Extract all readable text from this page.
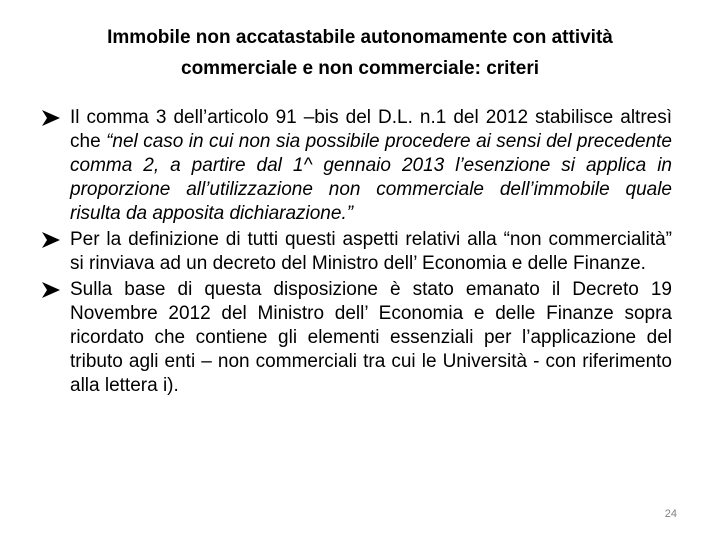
Immobile non accatastabile autonomamente con attività
commerciale e non commerciale: criteri
Il comma 3 dell’articolo 91 –bis del D.L. n.1 del 2012 stabilisce altresì che “nel caso in cui non sia possibile procedere ai sensi del precedente comma 2, a partire dal 1^ gennaio 2013 l’esenzione si applica in proporzione all’utilizzazione non commerciale dell’immobile quale risulta da apposita dichiarazione.”
Per la definizione di tutti questi aspetti relativi alla “non commercialità” si rinviava ad un decreto del Ministro dell’ Economia e delle Finanze.
Sulla base di questa disposizione è stato emanato il Decreto 19 Novembre 2012 del Ministro dell’ Economia e delle Finanze sopra ricordato che contiene gli elementi essenziali per l’applicazione del tributo agli enti – non commerciali tra cui le Università - con riferimento alla lettera i).
24
